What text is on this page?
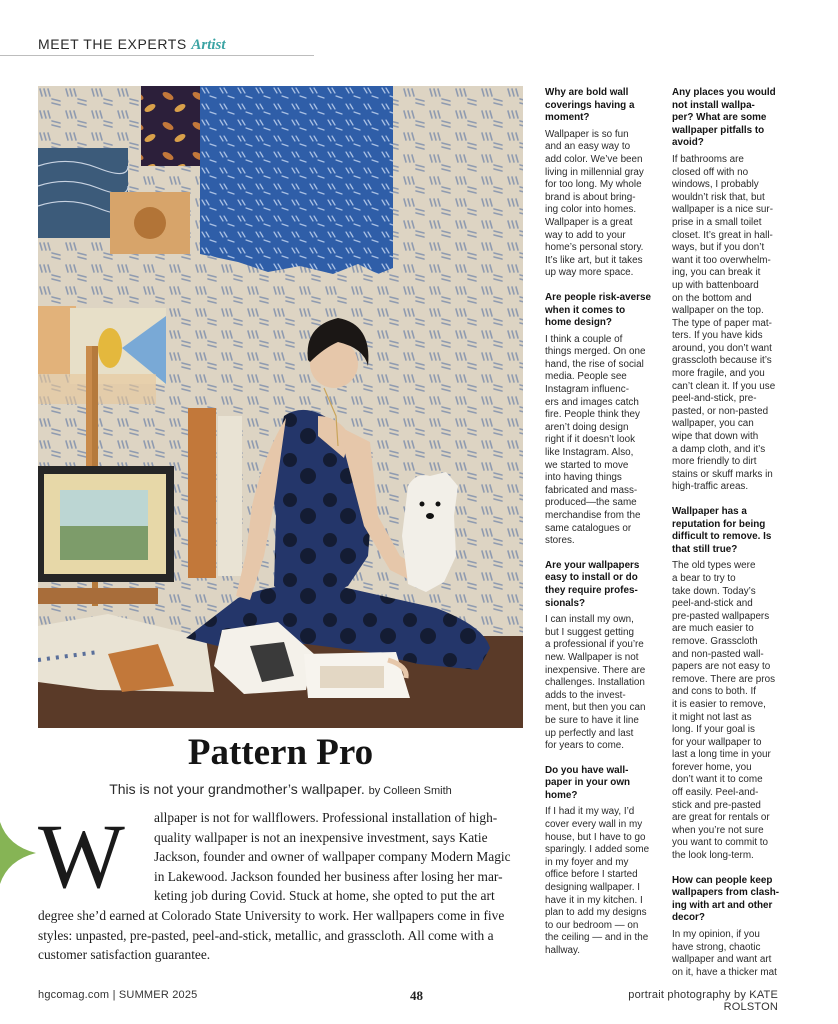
MEET THE EXPERTS Artist
Pattern Pro
This is not your grandmother’s wallpaper. by Colleen Smith
W	allpaper is not for wallflowers. Professional installation of high-
quality wallpaper is not an inexpensive investment, says Katie
Jackson, founder and owner of wallpaper company Modern Magic
in Lakewood. Jackson founded her business after losing her mar-
keting job during Covid. Stuck at home, she opted to put the art
degree she’d earned at Colorado State University to work. Her wallpapers come in five
styles: unpasted, pre-pasted, peel-and-stick, metallic, and grasscloth. All come with a
customer satisfaction guarantee.
Why are bold wall
coverings having a
moment?
Wallpaper is so fun
and an easy way to
add color. We’ve been
living in millennial gray
for too long. My whole
brand is about bring-
ing color into homes.
Wallpaper is a great
way to add to your
home’s personal story.
It’s like art, but it takes
up way more space.
Are people risk-averse
when it comes to
home design?
I think a couple of
things merged. On one
hand, the rise of social
media. People see
Instagram influenc-
ers and images catch
fire. People think they
aren’t doing design
right if it doesn’t look
like Instagram. Also,
we started to move
into having things
fabricated and mass-
produced—the same
merchandise from the
same catalogues or
stores.
Are your wallpapers
easy to install or do
they require profes-
sionals?
I can install my own,
but I suggest getting
a professional if you’re
new. Wallpaper is not
inexpensive. There are
challenges. Installation
adds to the invest-
ment, but then you can
be sure to have it line
up perfectly and last
for years to come.
Do you have wall-
paper in your own
home?
If I had it my way, I’d
cover every wall in my
house, but I have to go
sparingly. I added some
in my foyer and my
office before I started
designing wallpaper. I
have it in my kitchen. I
plan to add my designs
to our bedroom — on
the ceiling — and in the
hallway.
Any places you would
not install wallpa-
per? What are some
wallpaper pitfalls to
avoid?
If bathrooms are
closed off with no
windows, I probably
wouldn’t risk that, but
wallpaper is a nice sur-
prise in a small toilet
closet. It’s great in hall-
ways, but if you don’t
want it too overwhelm-
ing, you can break it
up with battenboard
on the bottom and
wallpaper on the top.
The type of paper mat-
ters. If you have kids
around, you don’t want
grasscloth because it’s
more fragile, and you
can’t clean it. If you use
peel-and-stick, pre-
pasted, or non-pasted
wallpaper, you can
wipe that down with
a damp cloth, and it’s
more friendly to dirt
stains or skuff marks in
high-traffic areas.
Wallpaper has a
reputation for being
difficult to remove. Is
that still true?
The old types were
a bear to try to
take down. Today’s
peel-and-stick and
pre-pasted wallpapers
are much easier to
remove. Grasscloth
and non-pasted wall-
papers are not easy to
remove. There are pros
and cons to both. If
it is easier to remove,
it might not last as
long. If your goal is
for your wallpaper to
last a long time in your
forever home, you
don’t want it to come
off easily. Peel-and-
stick and pre-pasted
are great for rentals or
when you’re not sure
you want to commit to
the look long-term.
How can people keep
wallpapers from clash-
ing with art and other
decor?
In my opinion, if you
have strong, chaotic
wallpaper and want art
on it, have a thicker mat
hgcomag.com | SUMMER 2025	48	portrait photography by KATE ROLSTON
